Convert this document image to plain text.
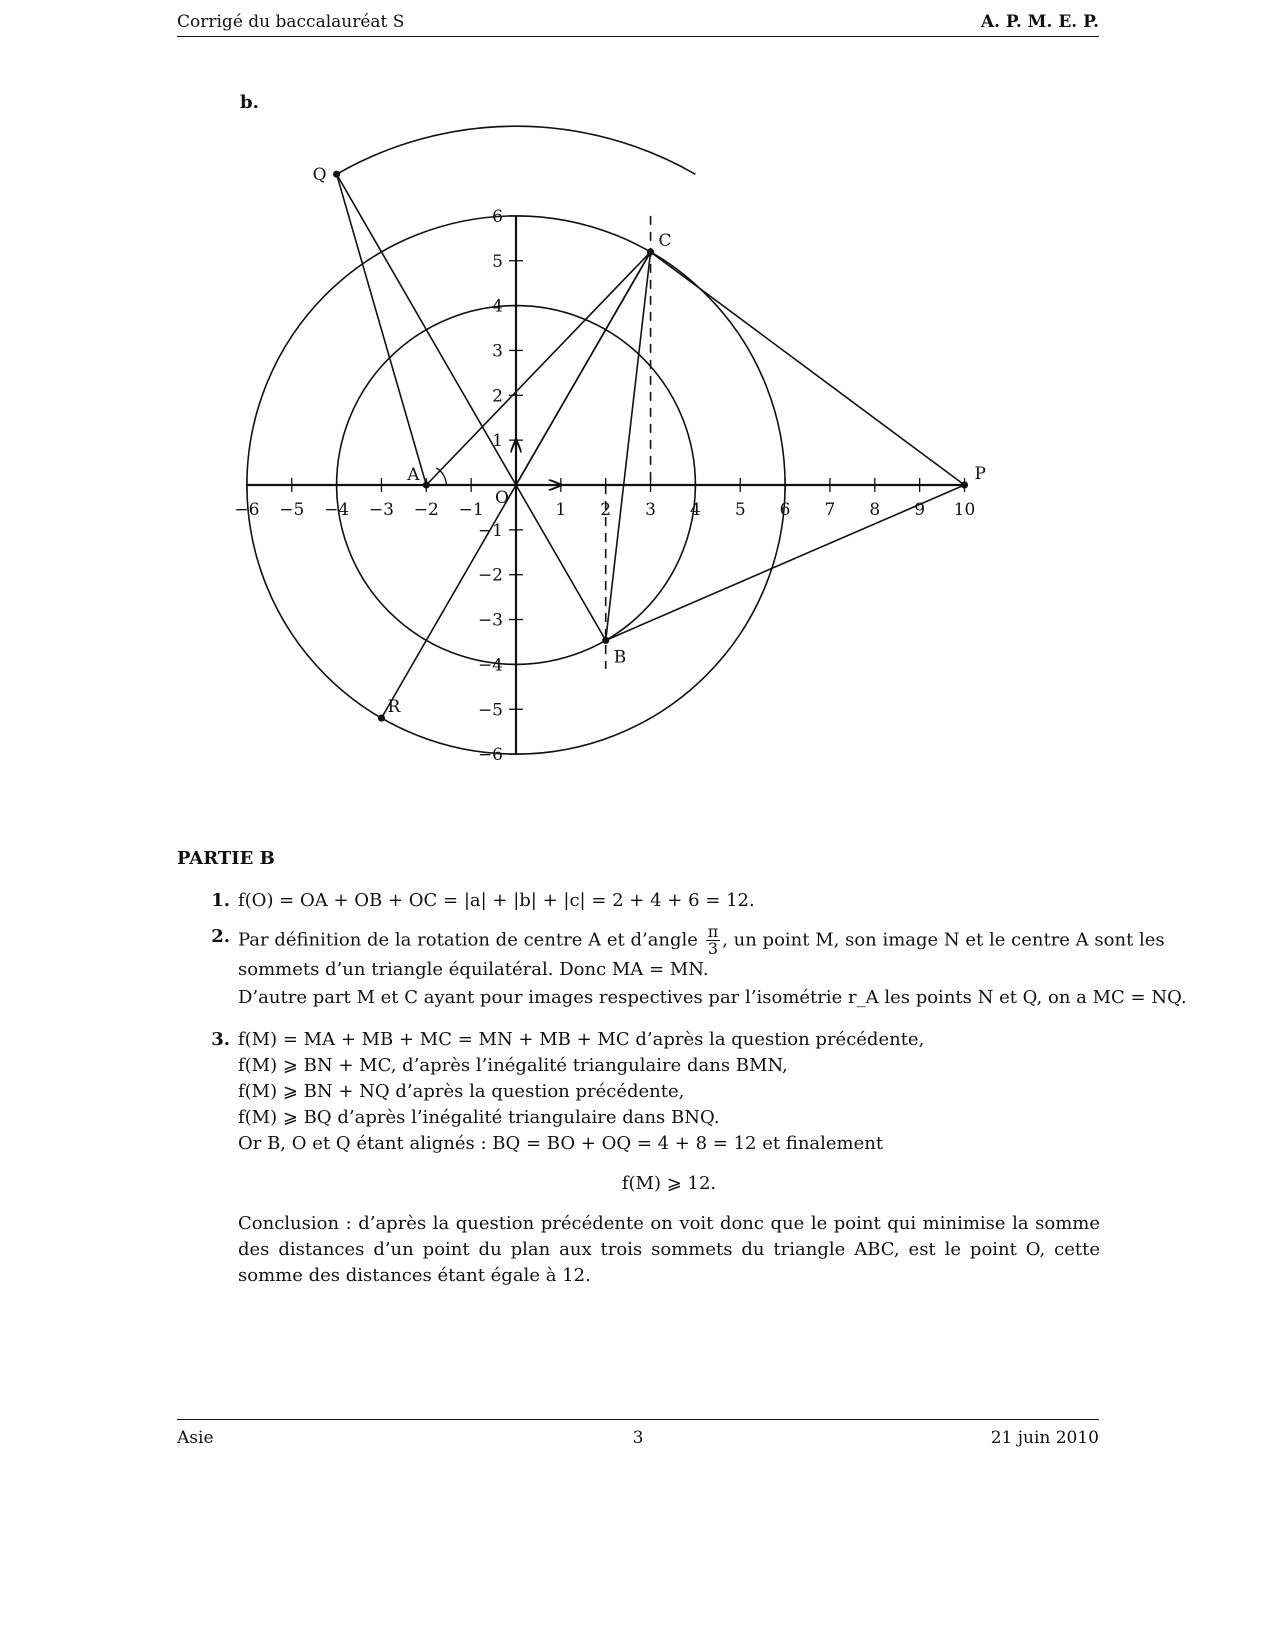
Corrigé du baccalauréat S	A. P. M. E. P.
b.
−6 −5 −4 −3 −2 −1	1 2 3 4 5 6 7 8 9 10
6
5
4
3
2
1
−1
−2
−3
−4
−5
−6
O
Q
C
A	P
B
R
PARTIE B
1. f(O) = OA + OB + OC = |a| + |b| + |c| = 2 + 4 + 6 = 12.
2. Par définition de la rotation de centre A et d’angle $\frac{\pi}{3}$ , un point M, son image N et le centre A sont les
sommets d’un triangle équilatéral. Donc MA = MN.
D’autre part M et C ayant pour images respectives par l’isométrie r_A les points N et Q, on a MC = NQ.
3. f(M) = MA + MB + MC = MN + MB + MC d’après la question précédente,
f(M) ⩾ BN + MC, d’après l’inégalité triangulaire dans BMN,
f(M) ⩾ BN + NQ d’après la question précédente,
f(M) ⩾ BQ d’après l’inégalité triangulaire dans BNQ.
Or B, O et Q étant alignés : BQ = BO + OQ = 4 + 8 = 12 et finalement
f(M) ⩾ 12.
Conclusion : d’après la question précédente on voit donc que le point qui minimise la somme des distances d’un point du plan aux trois sommets du triangle ABC, est le point O, cette somme des distances étant égale à 12.
Asie	3	21 juin 2010
